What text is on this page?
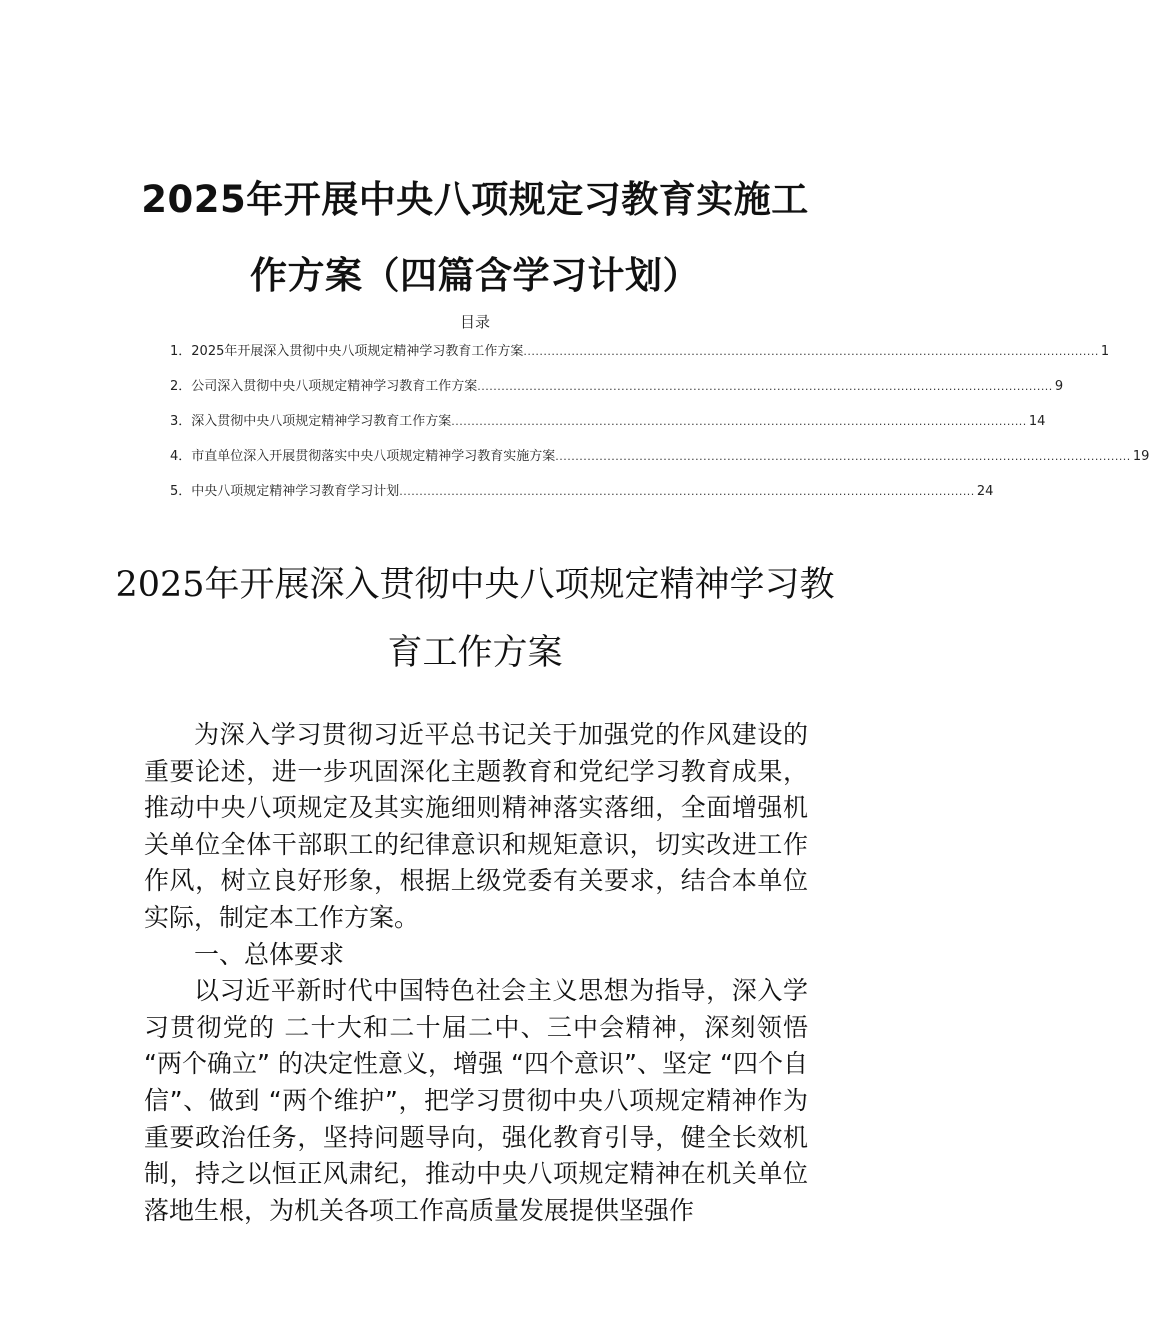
2025年开展中央八项规定习教育实施工作方案（四篇含学习计划）
目录
1． 2025年开展深入贯彻中央八项规定精神学习教育工作方案 ................................................................................................................................................ 1
2． 公司深入贯彻中央八项规定精神学习教育工作方案 ................................................................................................................................................ 9
3． 深入贯彻中央八项规定精神学习教育工作方案 ................................................................................................................................................ 14
4． 市直单位深入开展贯彻落实中央八项规定精神学习教育实施方案 ................................................................................................................................................ 19
5． 中央八项规定精神学习教育学习计划 ................................................................................................................................................ 24
2025年开展深入贯彻中央八项规定精神学习教育工作方案

为深入学习贯彻习近平总书记关于加强党的作风建设的重要论述，进一步巩固深化主题教育和党纪学习教育成果，推动中央八项规定及其实施细则精神落实落细，全面增强机关单位全体干部职工的纪律意识和规矩意识，切实改进工作作风，树立良好形象，根据上级党委有关要求，结合本单位实际，制定本工作方案。

一、总体要求

以习近平新时代中国特色社会主义思想为指导，深入学习贯彻党的 二十大和二十届二中、三中会精神，深刻领悟 “两个确立” 的决定性意义，增强 “四个意识”、坚定 “四个自信”、做到 “两个维护”，把学习贯彻中央八项规定精神作为重要政治任务，坚持问题导向，强化教育引导，健全长效机制，持之以恒正风肃纪，推动中央八项规定精神在机关单位落地生根，为机关各项工作高质量发展提供坚强作
